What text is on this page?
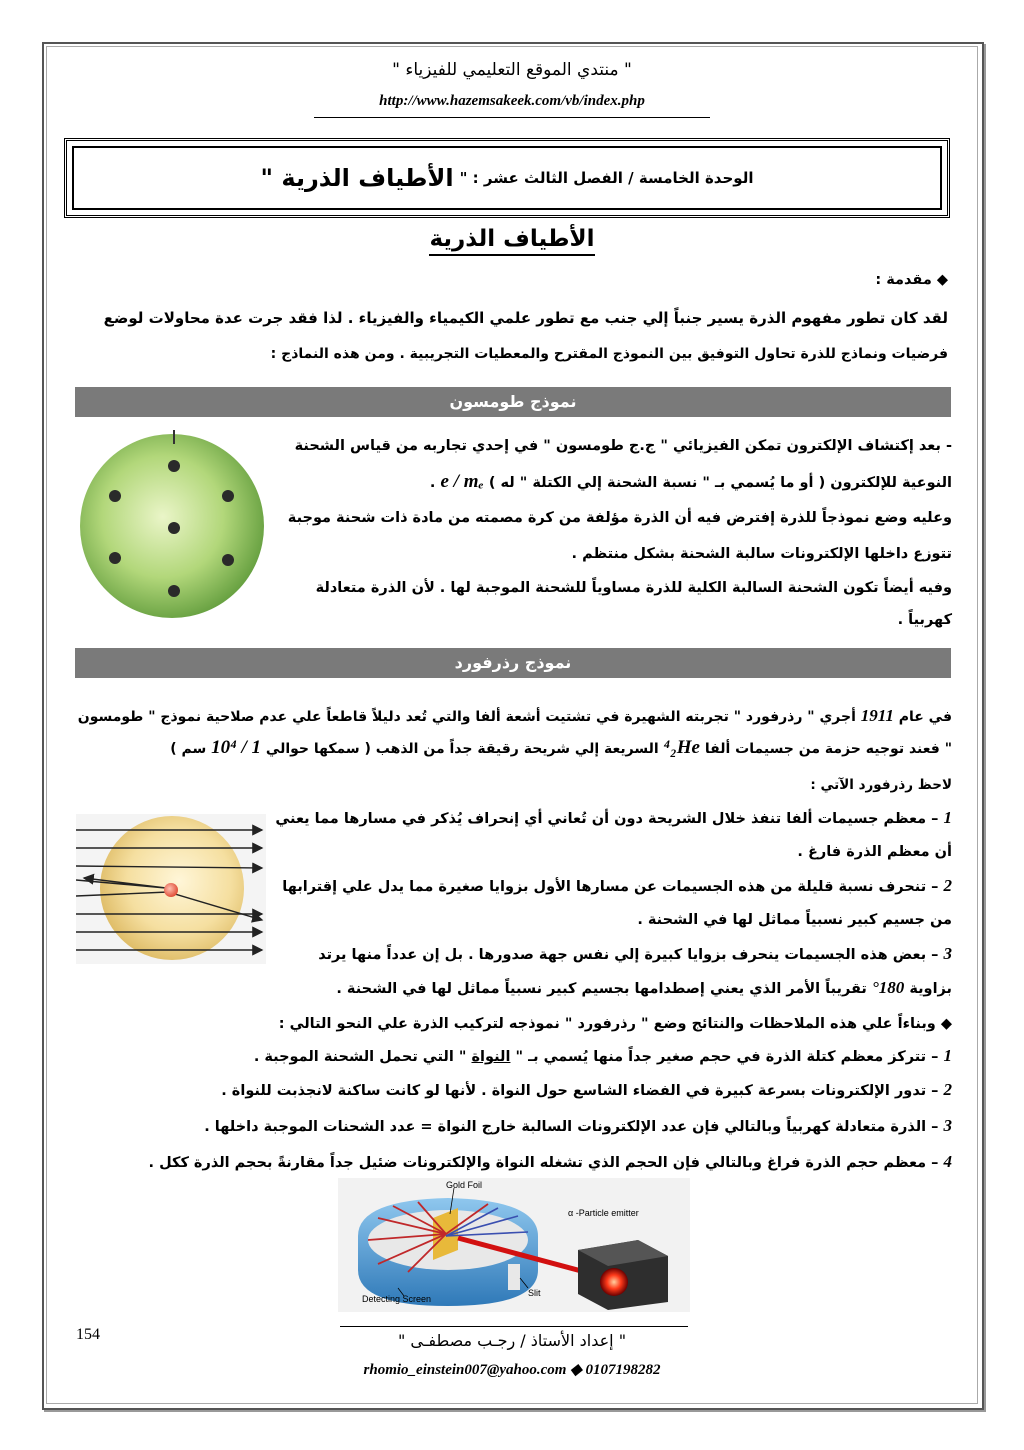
" منتدي الموقع التعليمي للفيزياء "
http://www.hazemsakeek.com/vb/index.php
الوحدة الخامسة / الفصل الثالث عشر : "
الأطياف الذرية "
الأطياف الذرية
◆ مقدمة :
لقد كان تطور مفهوم الذرة يسير جنباً إلي جنب مع تطور علمي الكيمياء والفيزياء . لذا فقد جرت عدة محاولات لوضع
فرضيات ونماذج للذرة تحاول التوفيق بين النموذج المقترح والمعطيات التجريبية . ومن هذه النماذج :
نموذج طومسون
- بعد إكتشاف الإلكترون تمكن الفيزيائي " ج.ج طومسون " في إحدي تجاربه من قياس الشحنة
النوعية للإلكترون ( أو ما يُسمي بـ " نسبة الشحنة إلي الكتلة " له ) e / mₑ .
وعليه وضع نموذجاً للذرة إفترض فيه أن الذرة مؤلفة من كرة مصمته من مادة ذات شحنة موجبة
تتوزع داخلها الإلكترونات سالبة الشحنة بشكل منتظم .
وفيه أيضاً تكون الشحنة السالبة الكلية للذرة مساوياً للشحنة الموجبة لها . لأن الذرة متعادلة
كهربياً .
نموذج رذرفورد
في عام 1911 أجري " رذرفورد " تجربته الشهيرة في تشتيت أشعة ألفا والتي تُعد دليلاً قاطعاً علي عدم صلاحية نموذج " طومسون
" فعند توجيه حزمة من جسيمات ألفا ⁴₂He السريعة إلي شريحة رقيقة جداً من الذهب ( سمكها حوالي 1 / 10⁴ سم )
لاحظ رذرفورد الآتي :
1 – معظم جسيمات ألفا تنفذ خلال الشريحة دون أن تُعاني أي إنحراف يُذكر في مسارها مما يعني
أن معظم الذرة فارغ .
2 – تنحرف نسبة قليلة من هذه الجسيمات عن مسارها الأول بزوايا صغيرة مما يدل علي إقترابها
من جسيم كبير نسبياً مماثل لها في الشحنة .
3 – بعض هذه الجسيمات ينحرف بزوايا كبيرة إلي نفس جهة صدورها . بل إن عدداً منها يرتد
بزاوية 180° تقريباً الأمر الذي يعني إصطدامها بجسيم كبير نسبياً مماثل لها في الشحنة .
◆ وبناءاً علي هذه الملاحظات والنتائج وضع " رذرفورد " نموذجه لتركيب الذرة علي النحو التالي :
1 – تتركز معظم كتلة الذرة في حجم صغير جداً منها يُسمي بـ " النواة " التي تحمل الشحنة الموجبة .
2 – تدور الإلكترونات بسرعة كبيرة في الفضاء الشاسع حول النواة . لأنها لو كانت ساكنة لانجذبت للنواة .
3 – الذرة متعادلة كهربياً وبالتالي فإن عدد الإلكترونات السالبة خارج النواة = عدد الشحنات الموجبة داخلها .
4 – معظم حجم الذرة فراغ وبالتالي فإن الحجم الذي تشغله النواة والإلكترونات ضئيل جداً مقارنةً بحجم الذرة ككل .
Gold Foil
α -Particle emitter
Slit
Detecting Screen
154	" إعداد الأستاذ / رجـب مصطفـى "
rhomio_einstein007@yahoo.com ◆ 0107198282
